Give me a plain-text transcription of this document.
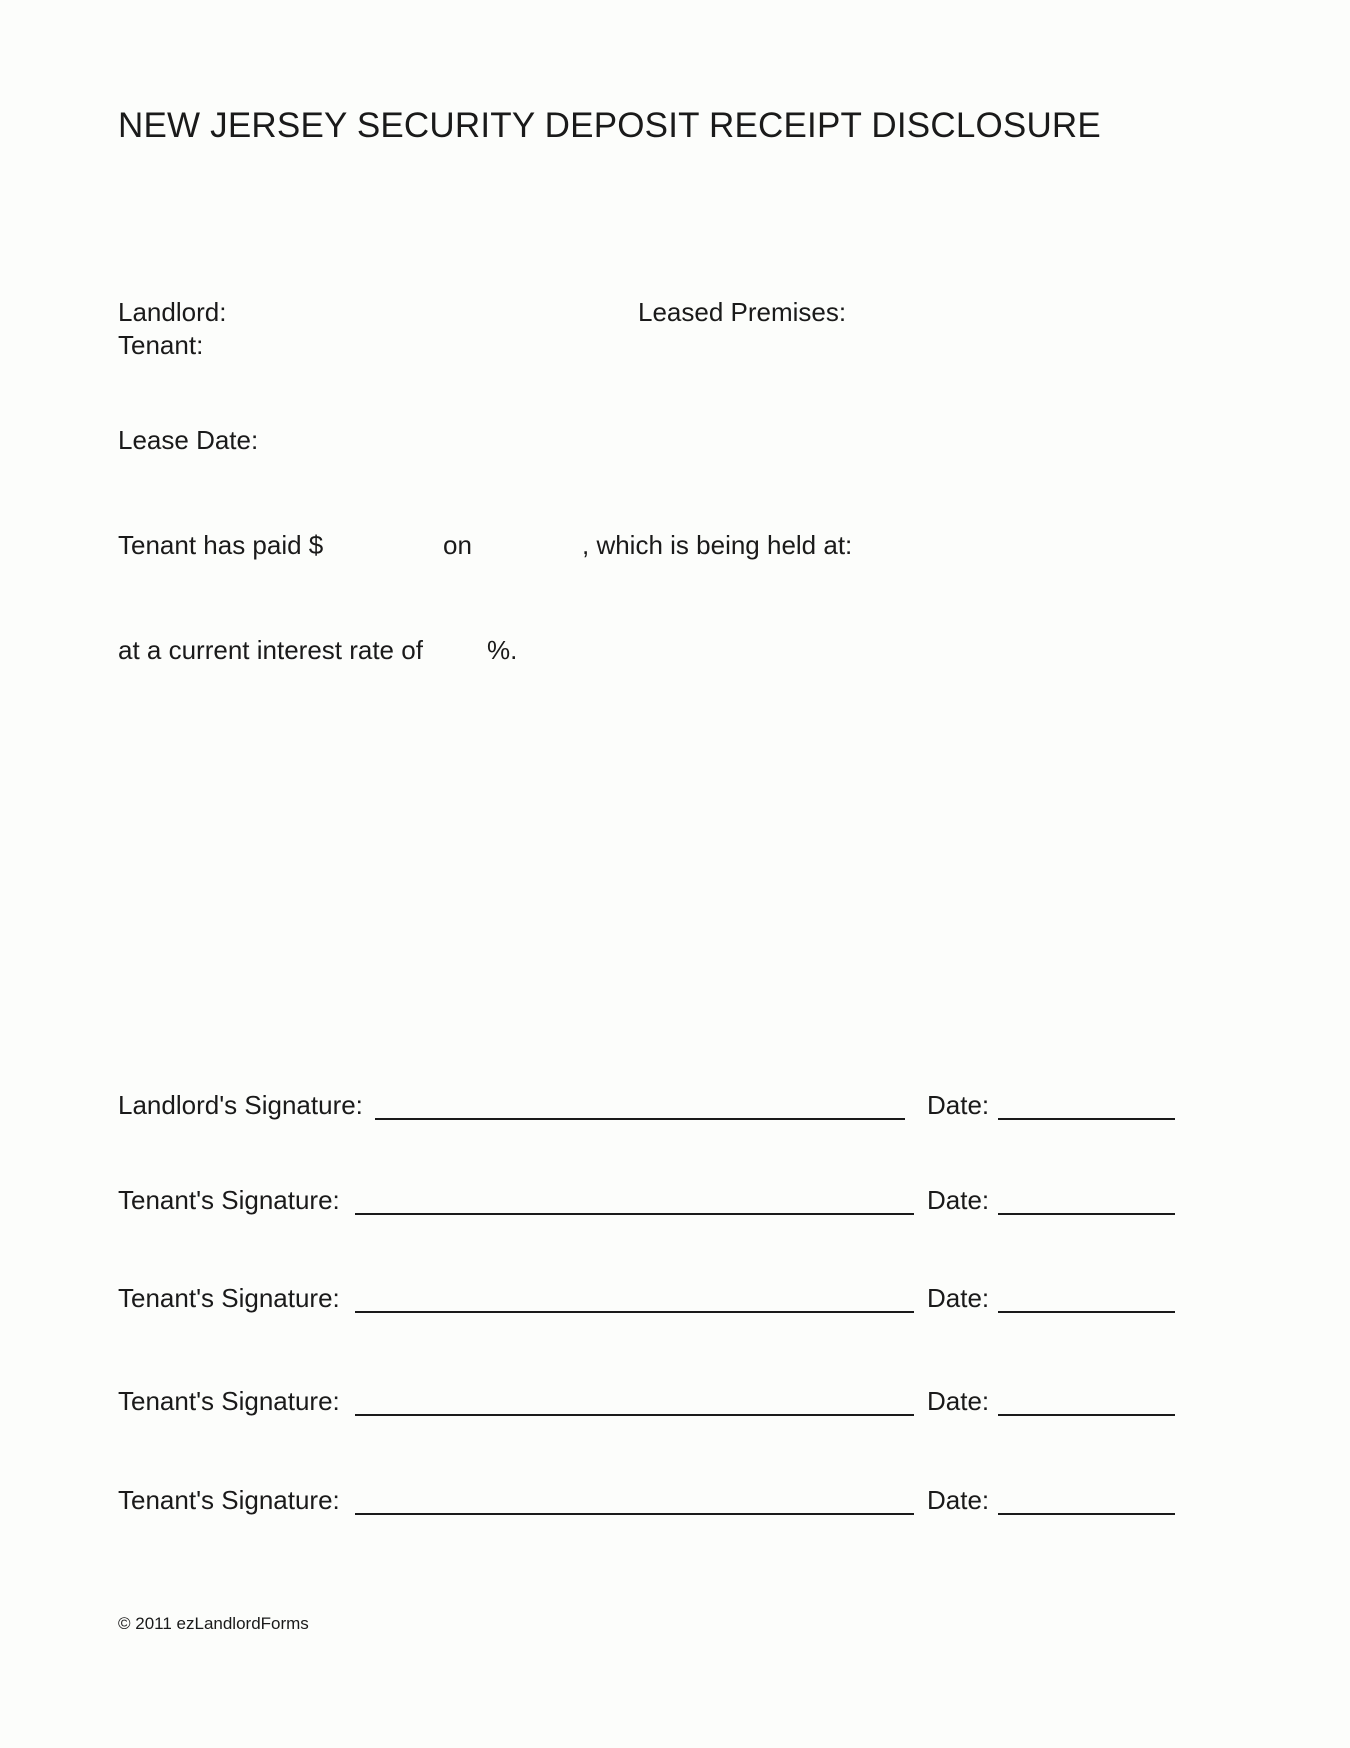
NEW JERSEY SECURITY DEPOSIT RECEIPT DISCLOSURE
Landlord:	Leased Premises:
Tenant:
Lease Date:
Tenant has paid $	on	, which is being held at:
at a current interest rate of %.
Landlord's Signature:	Date:
Tenant's Signature:	Date:
Tenant's Signature:	Date:
Tenant's Signature:	Date:
Tenant's Signature:	Date:
© 2011 ezLandlordForms
